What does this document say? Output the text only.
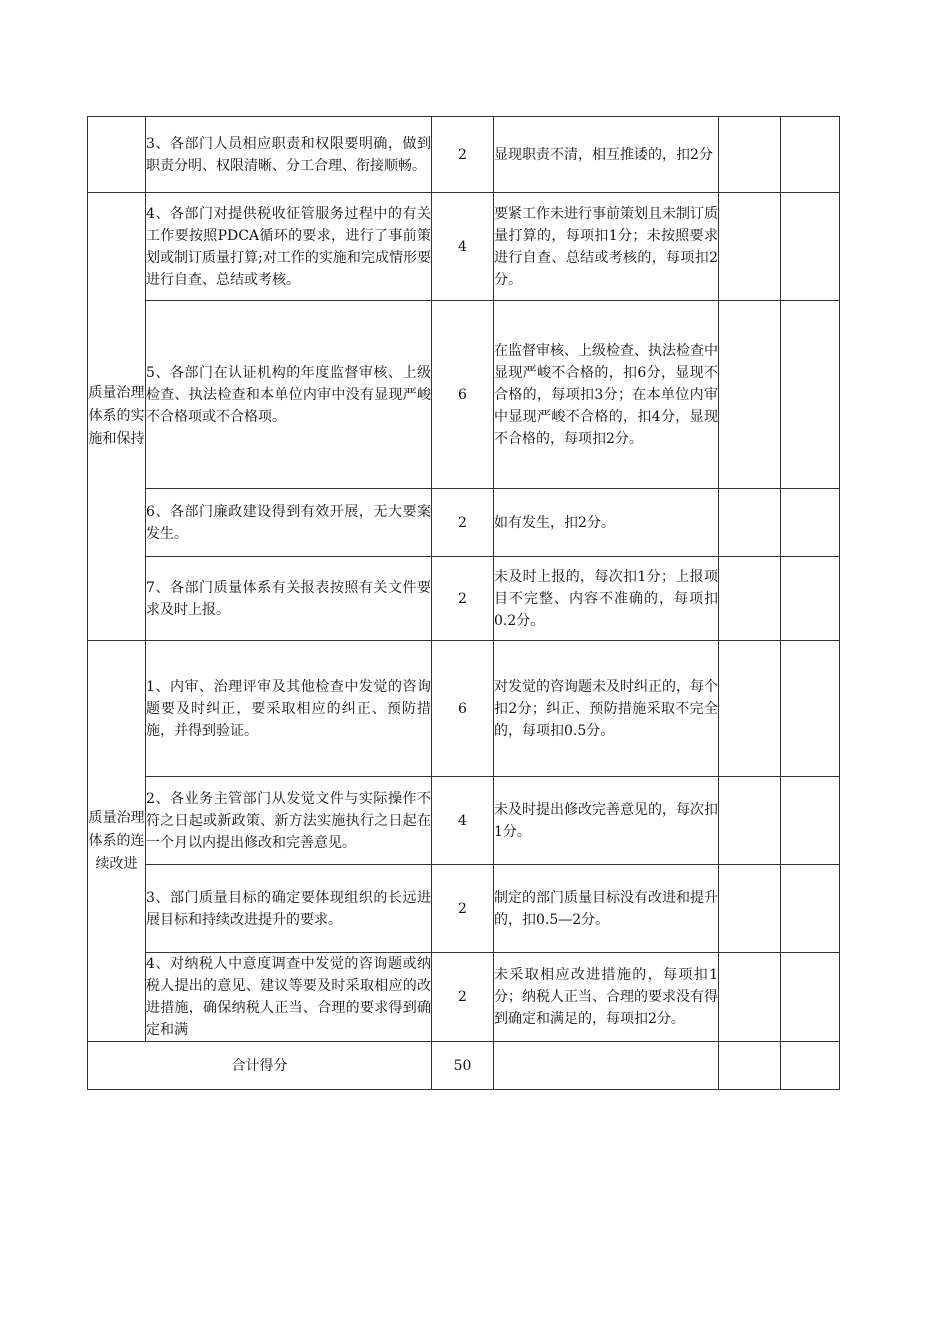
	3、各部门人员相应职责和权限要明确，做到职责分明、权限清晰、分工合理、衔接顺畅。	2	显现职责不清，相互推诿的，扣2分		
质量治理体系的实施和保持	4、各部门对提供税收征管服务过程中的有关工作要按照PDCA循环的要求，进行了事前策划或制订质量打算;对工作的实施和完成情形要进行自查、总结或考核。	4	要紧工作未进行事前策划且未制订质量打算的，每项扣1分；未按照要求进行自查、总结或考核的，每项扣2分。		
	5、各部门在认证机构的年度监督审核、上级检查、执法检查和本单位内审中没有显现严峻不合格项或不合格项。	6	在监督审核、上级检查、执法检查中显现严峻不合格的，扣6分，显现不合格的，每项扣3分；在本单位内审中显现严峻不合格的，扣4分，显现不合格的，每项扣2分。		
	6、各部门廉政建设得到有效开展，无大要案发生。	2	如有发生，扣2分。		
	7、各部门质量体系有关报表按照有关文件要求及时上报。	2	未及时上报的，每次扣1分；上报项目不完整、内容不准确的，每项扣0.2分。		
质量治理体系的连续改进	1、内审、治理评审及其他检查中发觉的咨询题要及时纠正，要采取相应的纠正、预防措施，并得到验证。	6	对发觉的咨询题未及时纠正的，每个扣2分；纠正、预防措施采取不完全的，每项扣0.5分。		
	2、各业务主管部门从发觉文件与实际操作不符之日起或新政策、新方法实施执行之日起在一个月以内提出修改和完善意见。	4	未及时提出修改完善意见的，每次扣1分。		
	3、部门质量目标的确定要体现组织的长远进展目标和持续改进提升的要求。	2	制定的部门质量目标没有改进和提升的，扣0.5—2分。		
	4、对纳税人中意度调查中发觉的咨询题或纳税人提出的意见、建议等要及时采取相应的改进措施，确保纳税人正当、合理的要求得到确定和满	2	未采取相应改进措施的，每项扣1分；纳税人正当、合理的要求没有得到确定和满足的，每项扣2分。		
合计得分		50			
